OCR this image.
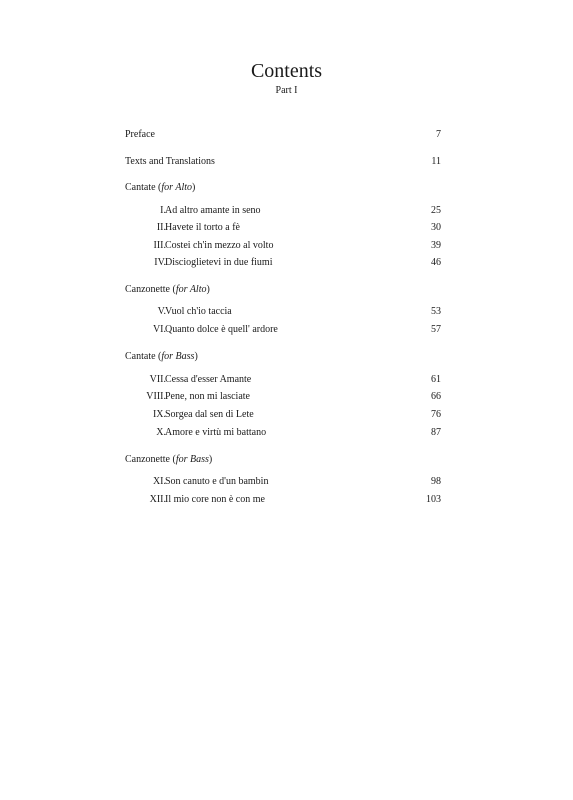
Contents
Part I
Preface	7
Texts and Translations	11
Cantate (for Alto)
I. Ad altro amante in seno	25
II. Havete il torto a fè	30
III. Costei ch'in mezzo al volto	39
IV. Discioglietevi in due fiumi	46
Canzonette (for Alto)
V. Vuol ch'io taccia	53
VI. Quanto dolce è quell' ardore	57
Cantate (for Bass)
VII. Cessa d'esser Amante	61
VIII. Pene, non mi lasciate	66
IX. Sorgea dal sen di Lete	76
X. Amore e virtù mi battano	87
Canzonette (for Bass)
XI. Son canuto e d'un bambin	98
XII. Il mio core non è con me	103
